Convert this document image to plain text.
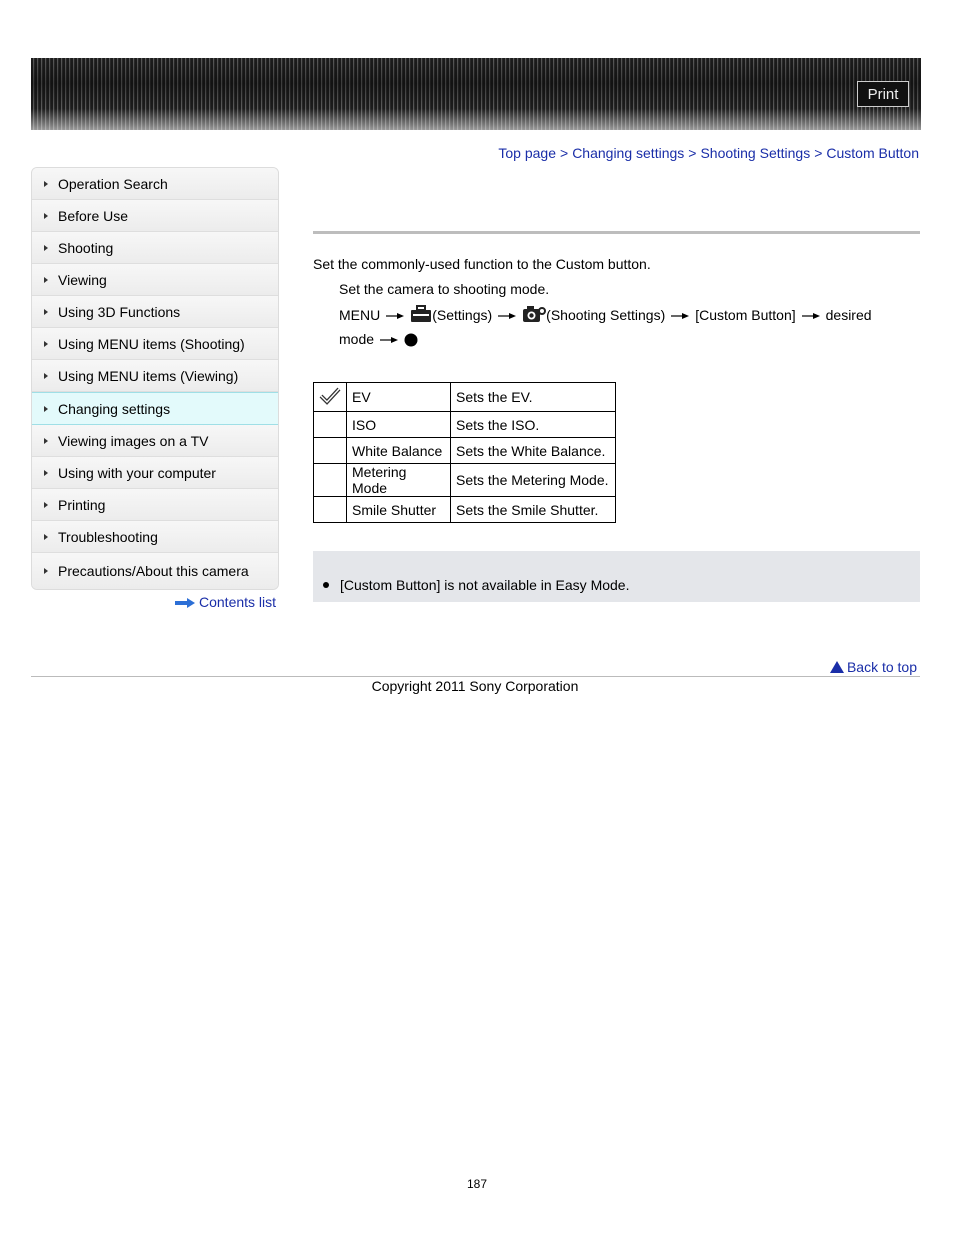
Print
Top page > Changing settings > Shooting Settings > Custom Button
Operation Search
Before Use
Shooting
Viewing
Using 3D Functions
Using MENU items (Shooting)
Using MENU items (Viewing)
Changing settings
Viewing images on a TV
Using with your computer
Printing
Troubleshooting
Precautions/About this camera
Contents list
Set the commonly-used function to the Custom button.
Set the camera to shooting mode.
MENU	(Settings)	(Shooting Settings) [Custom Button] desired
mode
	EV	Sets the EV.
	ISO	Sets the ISO.
	White Balance	Sets the White Balance.
	Metering Mode	Sets the Metering Mode.
	Smile Shutter	Sets the Smile Shutter.
[Custom Button] is not available in Easy Mode.
Back to top
Copyright 2011 Sony Corporation
187
